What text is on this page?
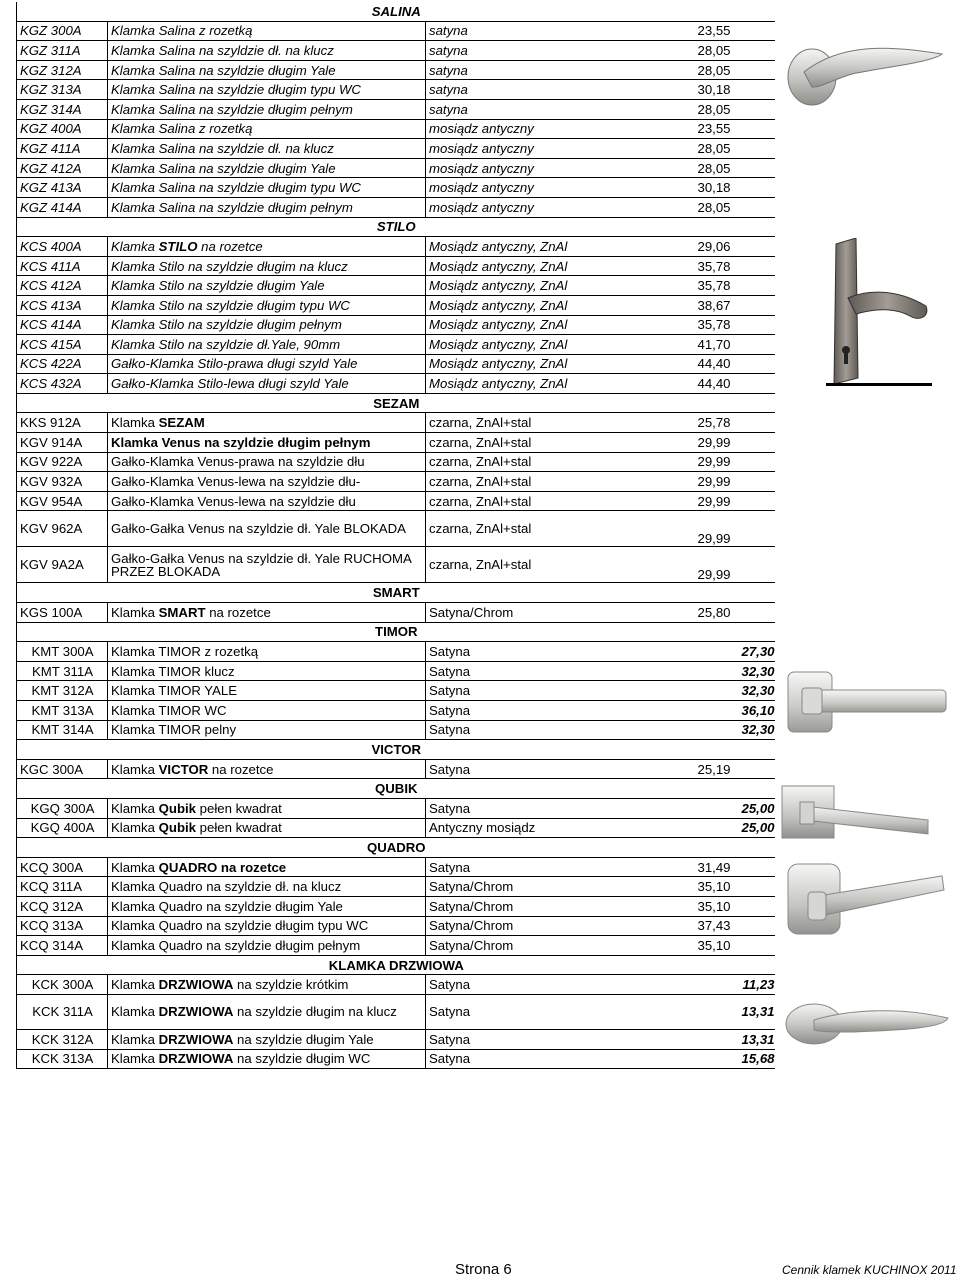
SALINA			
KGZ 300A	Klamka Salina z rozetką	satyna	23,55
KGZ 311A	Klamka Salina na szyldzie dł. na klucz	satyna	28,05
KGZ 312A	Klamka Salina na szyldzie długim Yale	satyna	28,05
KGZ 313A	Klamka Salina na szyldzie długim typu WC	satyna	30,18
KGZ 314A	Klamka Salina na szyldzie długim pełnym	satyna	28,05
KGZ 400A	Klamka Salina z rozetką	mosiądz antyczny	23,55
KGZ 411A	Klamka Salina na szyldzie dł. na klucz	mosiądz antyczny	28,05
KGZ 412A	Klamka Salina na szyldzie długim Yale	mosiądz antyczny	28,05
KGZ 413A	Klamka Salina na szyldzie długim typu WC	mosiądz antyczny	30,18
KGZ 414A	Klamka Salina na szyldzie długim pełnym	mosiądz antyczny	28,05
STILO			
KCS 400A	Klamka STILO na rozetce	Mosiądz antyczny, ZnAl	29,06
KCS 411A	Klamka Stilo na szyldzie długim na klucz	Mosiądz antyczny, ZnAl	35,78
KCS 412A	Klamka Stilo na szyldzie długim Yale	Mosiądz antyczny, ZnAl	35,78
KCS 413A	Klamka Stilo na szyldzie długim typu WC	Mosiądz antyczny, ZnAl	38,67
KCS 414A	Klamka Stilo na szyldzie długim pełnym	Mosiądz antyczny, ZnAl	35,78
KCS 415A	Klamka Stilo na szyldzie dł.Yale, 90mm	Mosiądz antyczny, ZnAl	41,70
KCS 422A	Gałko-Klamka Stilo-prawa długi szyld Yale	Mosiądz antyczny, ZnAl	44,40
KCS 432A	Gałko-Klamka Stilo-lewa długi szyld Yale	Mosiądz antyczny, ZnAl	44,40
SEZAM			
KKS 912A	Klamka SEZAM	czarna, ZnAl+stal	25,78
KGV 914A	Klamka Venus na szyldzie długim pełnym	czarna, ZnAl+stal	29,99
KGV 922A	Gałko-Klamka Venus-prawa na szyldzie dłu	czarna, ZnAl+stal	29,99
KGV 932A	Gałko-Klamka Venus-lewa na szyldzie dłu-	czarna, ZnAl+stal	29,99
KGV 954A	Gałko-Klamka Venus-lewa na szyldzie dłu	czarna, ZnAl+stal	29,99
KGV 962A	Gałko-Gałka Venus na szyldzie dł. Yale BLOKADA	czarna, ZnAl+stal	29,99
KGV 9A2A	Gałko-Gałka Venus na szyldzie dł. Yale RUCHOMA PRZEZ BLOKADA	czarna, ZnAl+stal	29,99
SMART			
KGS 100A	Klamka SMART na rozetce	Satyna/Chrom	25,80
TIMOR			
KMT 300A	Klamka TIMOR z rozetką	Satyna	27,30
KMT 311A	Klamka TIMOR klucz	Satyna	32,30
KMT 312A	Klamka TIMOR YALE	Satyna	32,30
KMT 313A	Klamka TIMOR WC	Satyna	36,10
KMT 314A	Klamka TIMOR pelny	Satyna	32,30
VICTOR			
KGC 300A	Klamka VICTOR na rozetce	Satyna	25,19
QUBIK			
KGQ 300A	Klamka Qubik pełen kwadrat	Satyna	25,00
KGQ 400A	Klamka Qubik pełen kwadrat	Antyczny mosiądz	25,00
QUADRO			
KCQ 300A	Klamka QUADRO na rozetce	Satyna	31,49
KCQ 311A	Klamka Quadro na szyldzie dł. na klucz	Satyna/Chrom	35,10
KCQ 312A	Klamka Quadro na szyldzie długim Yale	Satyna/Chrom	35,10
KCQ 313A	Klamka Quadro na szyldzie długim typu WC	Satyna/Chrom	37,43
KCQ 314A	Klamka Quadro na szyldzie długim pełnym	Satyna/Chrom	35,10
KLAMKA DRZWIOWA			
KCK 300A	Klamka DRZWIOWA na szyldzie krótkim	Satyna	11,23
KCK 311A	Klamka DRZWIOWA na szyldzie długim na klucz	Satyna	13,31
KCK 312A	Klamka DRZWIOWA na szyldzie długim Yale	Satyna	13,31
KCK 313A	Klamka DRZWIOWA na szyldzie długim WC	Satyna	15,68
Strona 6	Cennik klamek KUCHINOX 2011
